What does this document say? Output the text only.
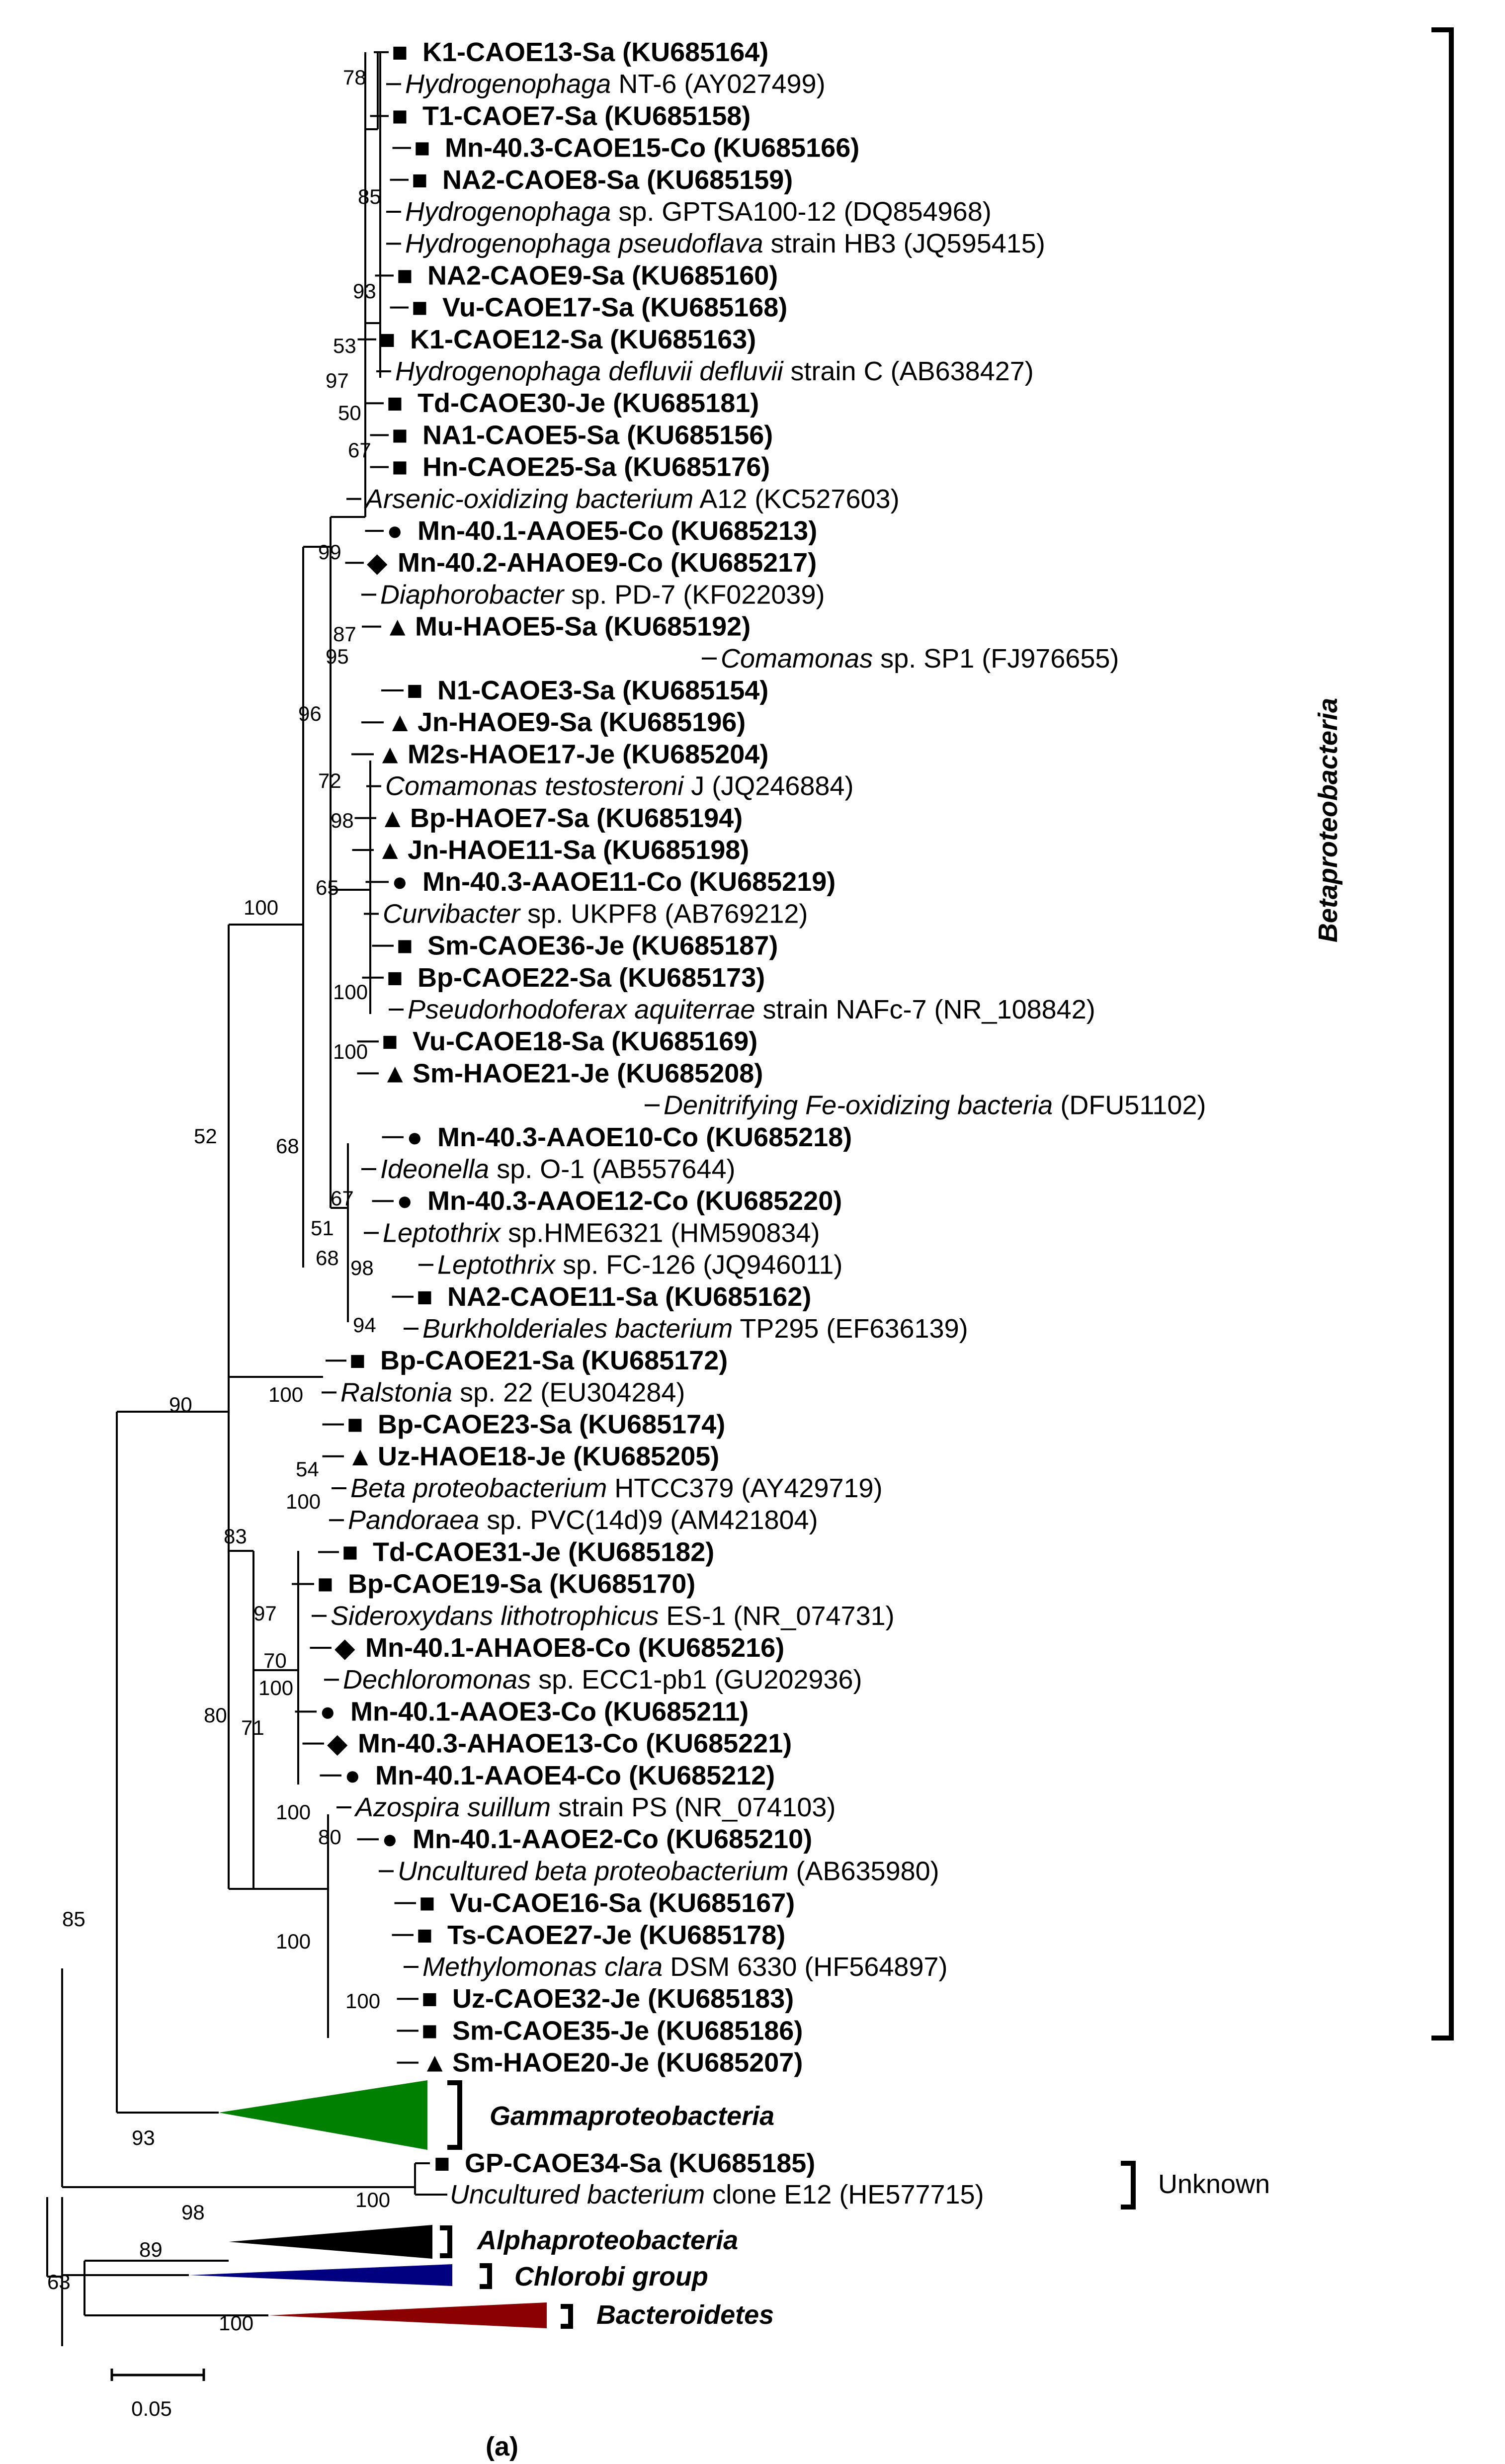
■ K1-CAOE13-Sa (KU685164)
Hydrogenophaga NT-6 (AY027499)
■ T1-CAOE7-Sa (KU685158)
■ Mn-40.3-CAOE15-Co (KU685166)
■ NA2-CAOE8-Sa (KU685159)
Hydrogenophaga sp. GPTSA100-12 (DQ854968)
Hydrogenophaga pseudoflava strain HB3 (JQ595415)
■ NA2-CAOE9-Sa (KU685160)
■ Vu-CAOE17-Sa (KU685168)
■ K1-CAOE12-Sa (KU685163)
Hydrogenophaga defluvii defluvii strain C (AB638427)
■ Td-CAOE30-Je (KU685181)
■ NA1-CAOE5-Sa (KU685156)
■ Hn-CAOE25-Sa (KU685176)
Arsenic-oxidizing bacterium A12 (KC527603)
● Mn-40.1-AAOE5-Co (KU685213)
◆ Mn-40.2-AHAOE9-Co (KU685217)
Diaphorobacter sp. PD-7 (KF022039)
▲ Mu-HAOE5-Sa (KU685192)
Comamonas sp. SP1 (FJ976655)
■ N1-CAOE3-Sa (KU685154)
▲ Jn-HAOE9-Sa (KU685196)
▲ M2s-HAOE17-Je (KU685204)
Comamonas testosteroni J (JQ246884)
▲ Bp-HAOE7-Sa (KU685194)
▲ Jn-HAOE11-Sa (KU685198)
● Mn-40.3-AAOE11-Co (KU685219)
Curvibacter sp. UKPF8 (AB769212)
■ Sm-CAOE36-Je (KU685187)
■ Bp-CAOE22-Sa (KU685173)
Pseudorhodoferax aquiterrae strain NAFc-7 (NR_108842)
■ Vu-CAOE18-Sa (KU685169)
▲ Sm-HAOE21-Je (KU685208)
Denitrifying Fe-oxidizing bacteria (DFU51102)
● Mn-40.3-AAOE10-Co (KU685218)
Ideonella sp. O-1 (AB557644)
● Mn-40.3-AAOE12-Co (KU685220)
Leptothrix sp.HME6321 (HM590834)
Leptothrix sp. FC-126 (JQ946011)
■ NA2-CAOE11-Sa (KU685162)
Burkholderiales bacterium TP295 (EF636139)
■ Bp-CAOE21-Sa (KU685172)
Ralstonia sp. 22 (EU304284)
■ Bp-CAOE23-Sa (KU685174)
▲ Uz-HAOE18-Je (KU685205)
Beta proteobacterium HTCC379 (AY429719)
Pandoraea sp. PVC(14d)9 (AM421804)
■ Td-CAOE31-Je (KU685182)
■ Bp-CAOE19-Sa (KU685170)
Sideroxydans lithotrophicus ES-1 (NR_074731)
◆ Mn-40.1-AHAOE8-Co (KU685216)
Dechloromonas sp. ECC1-pb1 (GU202936)
● Mn-40.1-AAOE3-Co (KU685211)
◆ Mn-40.3-AHAOE13-Co (KU685221)
● Mn-40.1-AAOE4-Co (KU685212)
Azospira suillum strain PS (NR_074103)
● Mn-40.1-AAOE2-Co (KU685210)
Uncultured beta proteobacterium (AB635980)
■ Vu-CAOE16-Sa (KU685167)
■ Ts-CAOE27-Je (KU685178)
Methylomonas clara DSM 6330 (HF564897)
■ Uz-CAOE32-Je (KU685183)
■ Sm-CAOE35-Je (KU685186)
▲ Sm-HAOE20-Je (KU685207)
■ GP-CAOE34-Sa (KU685185)
Uncultured bacterium clone E12 (HE577715)
78
85
93
53
97
50
67
99
87
95
96
72
98
65
100
100
100
52	68
67
51
68 98
94
90	100
54
100
83
97
70
100
71
80
100
80
100
100
85
93
100
98
89
63
100
Betaproteobacteria
Gammaproteobacteria
Unknown
Alphaproteobacteria
Chlorobi group
Bacteroidetes
0.05
(a)
